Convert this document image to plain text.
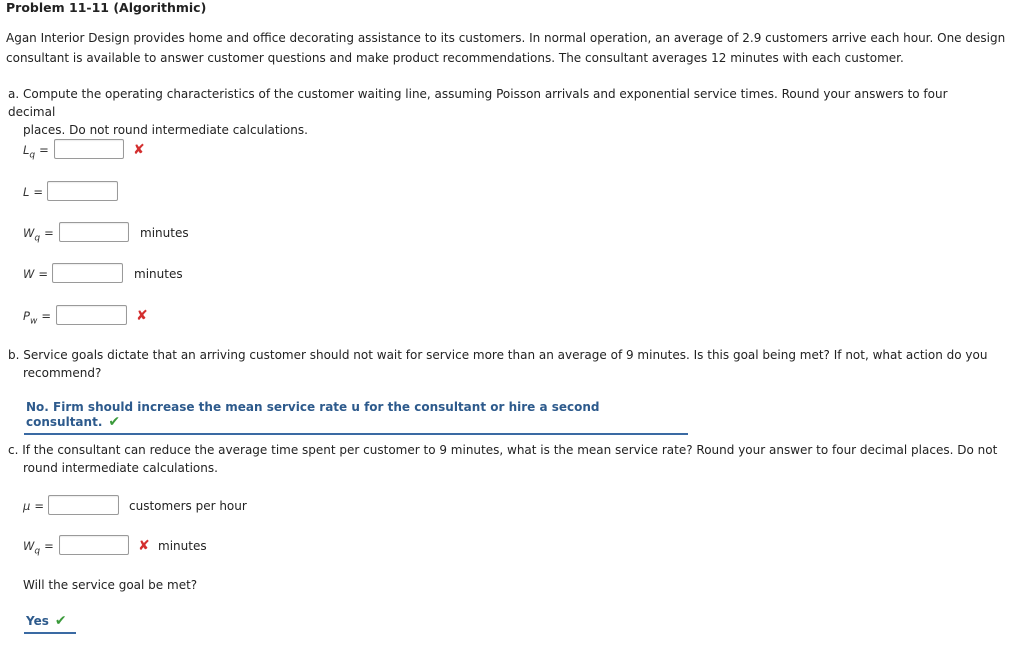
Problem 11-11 (Algorithmic)
Agan Interior Design provides home and office decorating assistance to its customers. In normal operation, an average of 2.9 customers arrive each hour. One design
consultant is available to answer customer questions and make product recommendations. The consultant averages 12 minutes with each customer.
a. Compute the operating characteristics of the customer waiting line, assuming Poisson arrivals and exponential service times. Round your answers to four decimal
places. Do not round intermediate calculations.
$L_q$ =	✘
L =
$W_q$ =	minutes
W =	minutes
$P_w$ =	✘
b. Service goals dictate that an arriving customer should not wait for service more than an average of 9 minutes. Is this goal being met? If not, what action do you
recommend?
No. Firm should increase the mean service rate u for the consultant or hire a second consultant. ✔
c. If the consultant can reduce the average time spent per customer to 9 minutes, what is the mean service rate? Round your answer to four decimal places. Do not
round intermediate calculations.
μ =	customers per hour
$W_q$ =	✘ minutes
Will the service goal be met?
Yes ✔
